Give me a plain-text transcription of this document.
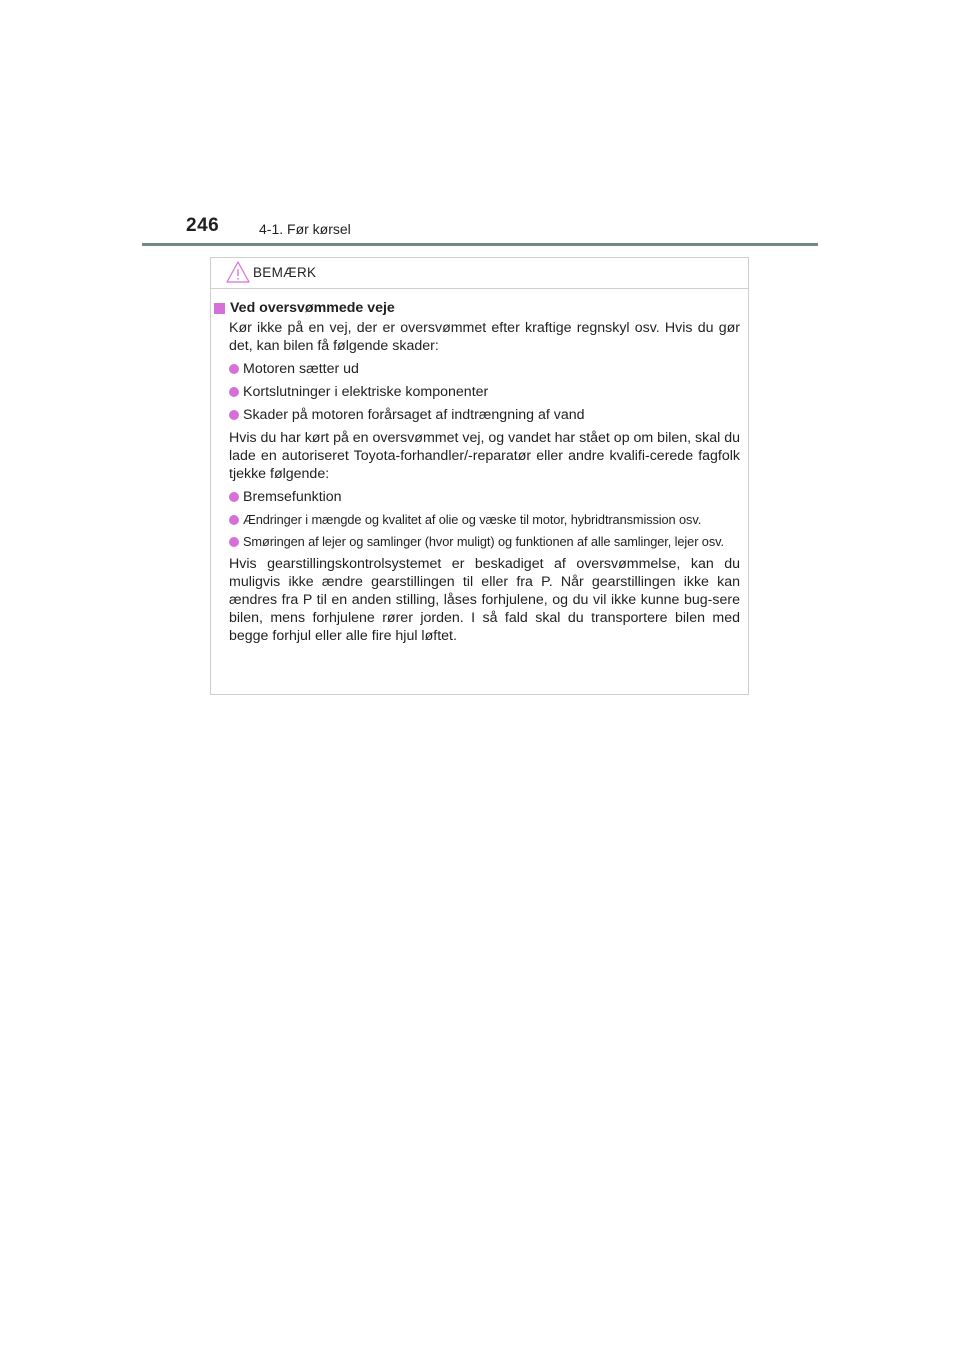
246	4-1. Før kørsel
BEMÆRK
Ved oversvømmede veje
Kør ikke på en vej, der er oversvømmet efter kraftige regnskyl osv. Hvis du gør det, kan bilen få følgende skader:
Motoren sætter ud
Kortslutninger i elektriske komponenter
Skader på motoren forårsaget af indtrængning af vand
Hvis du har kørt på en oversvømmet vej, og vandet har stået op om bilen, skal du lade en autoriseret Toyota-forhandler/-reparatør eller andre kvalifi-cerede fagfolk tjekke følgende:
Bremsefunktion
Ændringer i mængde og kvalitet af olie og væske til motor, hybridtransmission osv.
Smøringen af lejer og samlinger (hvor muligt) og funktionen af alle samlinger, lejer osv.
Hvis gearstillingskontrolsystemet er beskadiget af oversvømmelse, kan du muligvis ikke ændre gearstillingen til eller fra P. Når gearstillingen ikke kan ændres fra P til en anden stilling, låses forhjulene, og du vil ikke kunne bug-sere bilen, mens forhjulene rører jorden. I så fald skal du transportere bilen med begge forhjul eller alle fire hjul løftet.
